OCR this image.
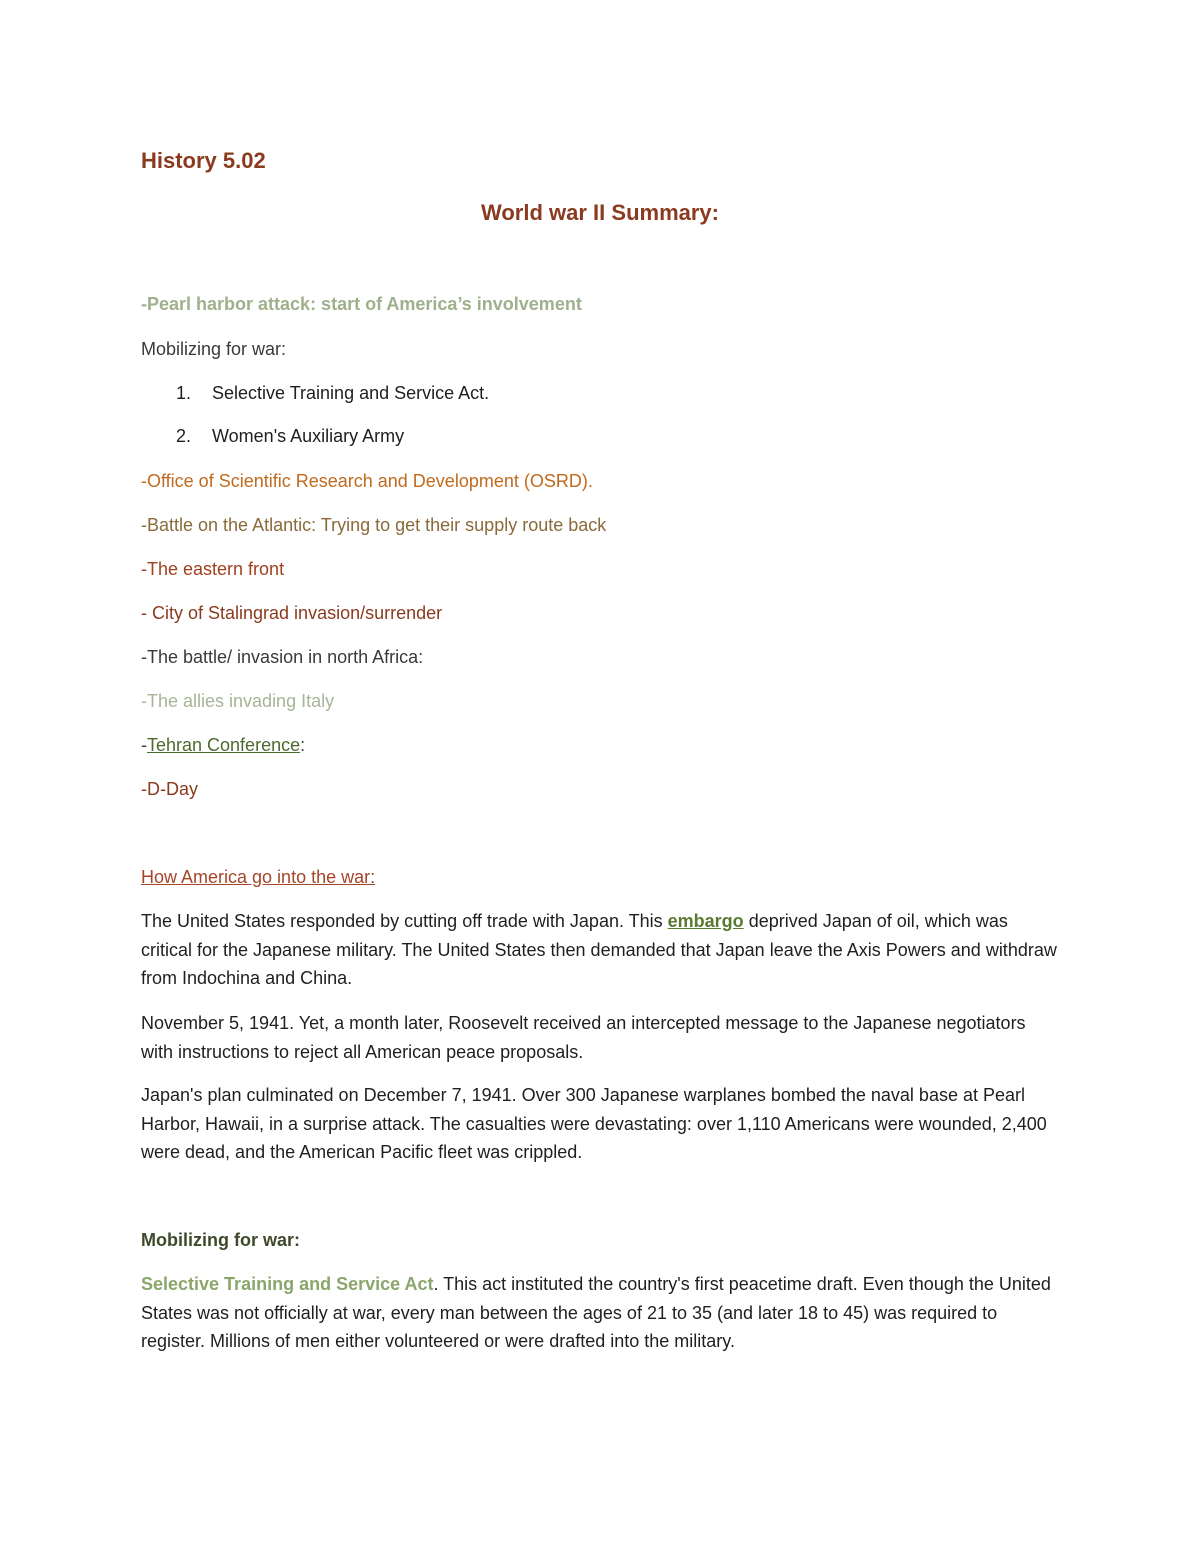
History 5.02
World war II Summary:
-Pearl harbor attack: start of America’s involvement
Mobilizing for war:
1. Selective Training and Service Act.
2. Women's Auxiliary Army
-Office of Scientific Research and Development (OSRD).
-Battle on the Atlantic: Trying to get their supply route back
-The eastern front
- City of Stalingrad invasion/surrender
-The battle/ invasion in north Africa:
-The allies invading Italy
-Tehran Conference:
-D-Day
How America go into the war:
The United States responded by cutting off trade with Japan. This embargo deprived Japan of oil, which was critical for the Japanese military. The United States then demanded that Japan leave the Axis Powers and withdraw from Indochina and China.
November 5, 1941. Yet, a month later, Roosevelt received an intercepted message to the Japanese negotiators with instructions to reject all American peace proposals.
Japan's plan culminated on December 7, 1941. Over 300 Japanese warplanes bombed the naval base at Pearl Harbor, Hawaii, in a surprise attack. The casualties were devastating: over 1,110 Americans were wounded, 2,400 were dead, and the American Pacific fleet was crippled.
Mobilizing for war:
Selective Training and Service Act. This act instituted the country's first peacetime draft. Even though the United States was not officially at war, every man between the ages of 21 to 35 (and later 18 to 45) was required to register. Millions of men either volunteered or were drafted into the military.
